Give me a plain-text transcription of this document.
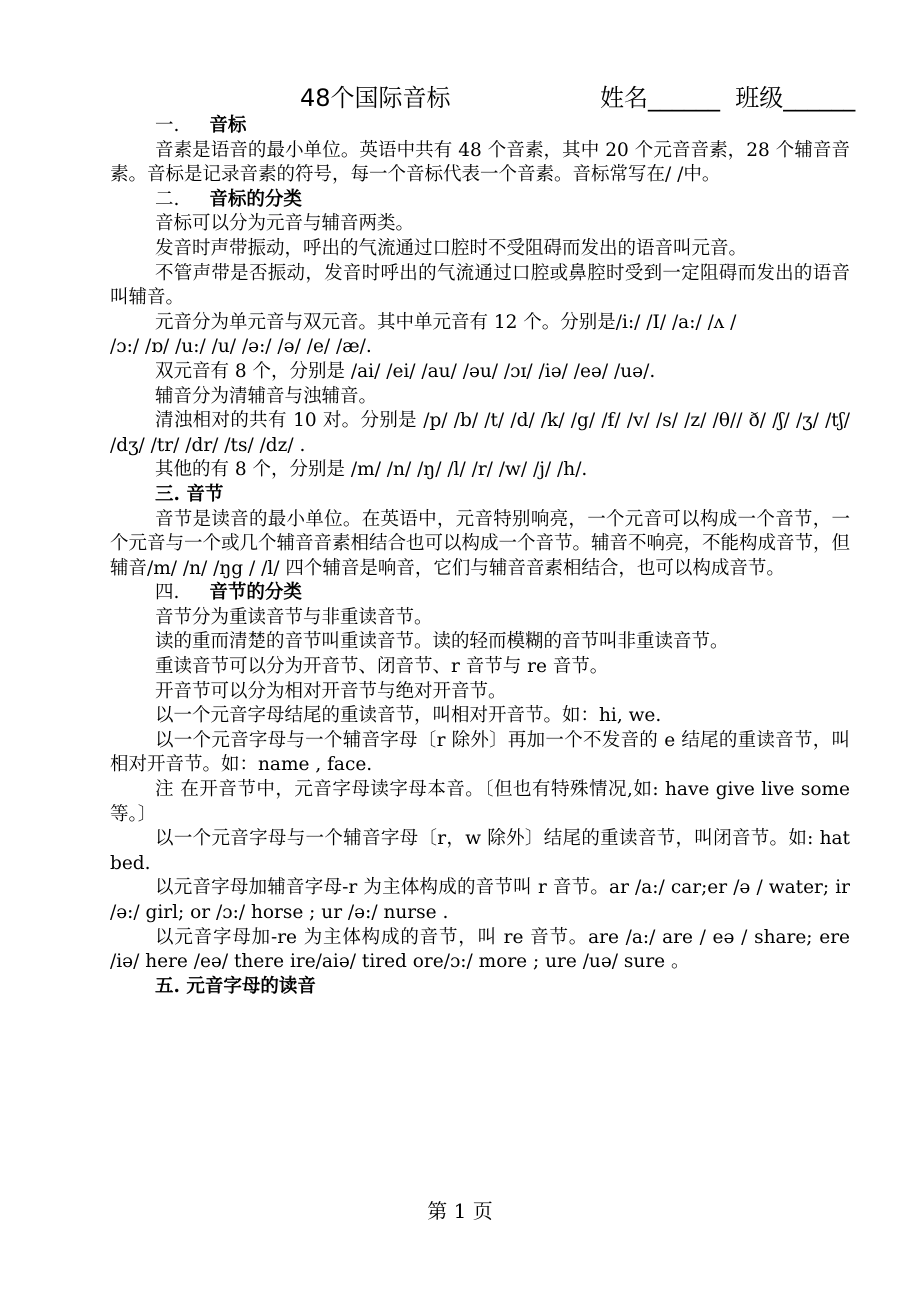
48个国际音标	姓名______ 班级______

一. 音标

音素是语音的最小单位。英语中共有 48 个音素，其中 20 个元音音素，28 个辅音音素。音标是记录音素的符号，每一个音标代表一个音素。音标常写在/ /中。

二. 音标的分类

音标可以分为元音与辅音两类。

发音时声带振动，呼出的气流通过口腔时不受阻碍而发出的语音叫元音。

不管声带是否振动，发音时呼出的气流通过口腔或鼻腔时受到一定阻碍而发出的语音叫辅音。

元音分为单元音与双元音。其中单元音有 12 个。分别是/i:/ /I/ /a:/ /ʌ /

/ɔ:/ /ɒ/ /u:/ /u/ /ə:/ /ə/ /e/ /æ/.

双元音有 8 个，分别是 /ai/ /ei/ /au/ /əu/ /ɔɪ/ /iə/ /eə/ /uə/.

辅音分为清辅音与浊辅音。

清浊相对的共有 10 对。分别是 /p/ /b/ /t/ /d/ /k/ /g/ /f/ /v/ /s/ /z/ /θ// ð/ /ʃ/ /ʒ/ /tʃ/ /dʒ/ /tr/ /dr/ /ts/ /dz/ .

其他的有 8 个，分别是 /m/ /n/ /ŋ/ /l/ /r/ /w/ /j/ /h/.

三. 音节

音节是读音的最小单位。在英语中，元音特别响亮，一个元音可以构成一个音节，一个元音与一个或几个辅音音素相结合也可以构成一个音节。辅音不响亮，不能构成音节，但辅音/m/ /n/ /ŋg / /l/ 四个辅音是响音，它们与辅音音素相结合，也可以构成音节。

四. 音节的分类

音节分为重读音节与非重读音节。

读的重而清楚的音节叫重读音节。读的轻而模糊的音节叫非重读音节。

重读音节可以分为开音节、闭音节、r 音节与 re 音节。

开音节可以分为相对开音节与绝对开音节。

以一个元音字母结尾的重读音节，叫相对开音节。如：hi, we.

以一个元音字母与一个辅音字母〔r 除外〕再加一个不发音的 e 结尾的重读音节，叫相对开音节。如：name , face.

注 在开音节中，元音字母读字母本音。〔但也有特殊情况,如: have give live some 等。〕

以一个元音字母与一个辅音字母〔r，w 除外〕结尾的重读音节，叫闭音节。如: hat bed.

以元音字母加辅音字母-r 为主体构成的音节叫 r 音节。ar /a:/ car;er /ə / water; ir /ə:/ girl; or /ɔ:/ horse ; ur /ə:/ nurse .

以元音字母加-re 为主体构成的音节，叫 re 音节。are /a:/ are / eə / share; ere /iə/ here /eə/ there ire/aiə/ tired ore/ɔ:/ more ; ure /uə/ sure 。

五. 元音字母的读音

第 1 页
